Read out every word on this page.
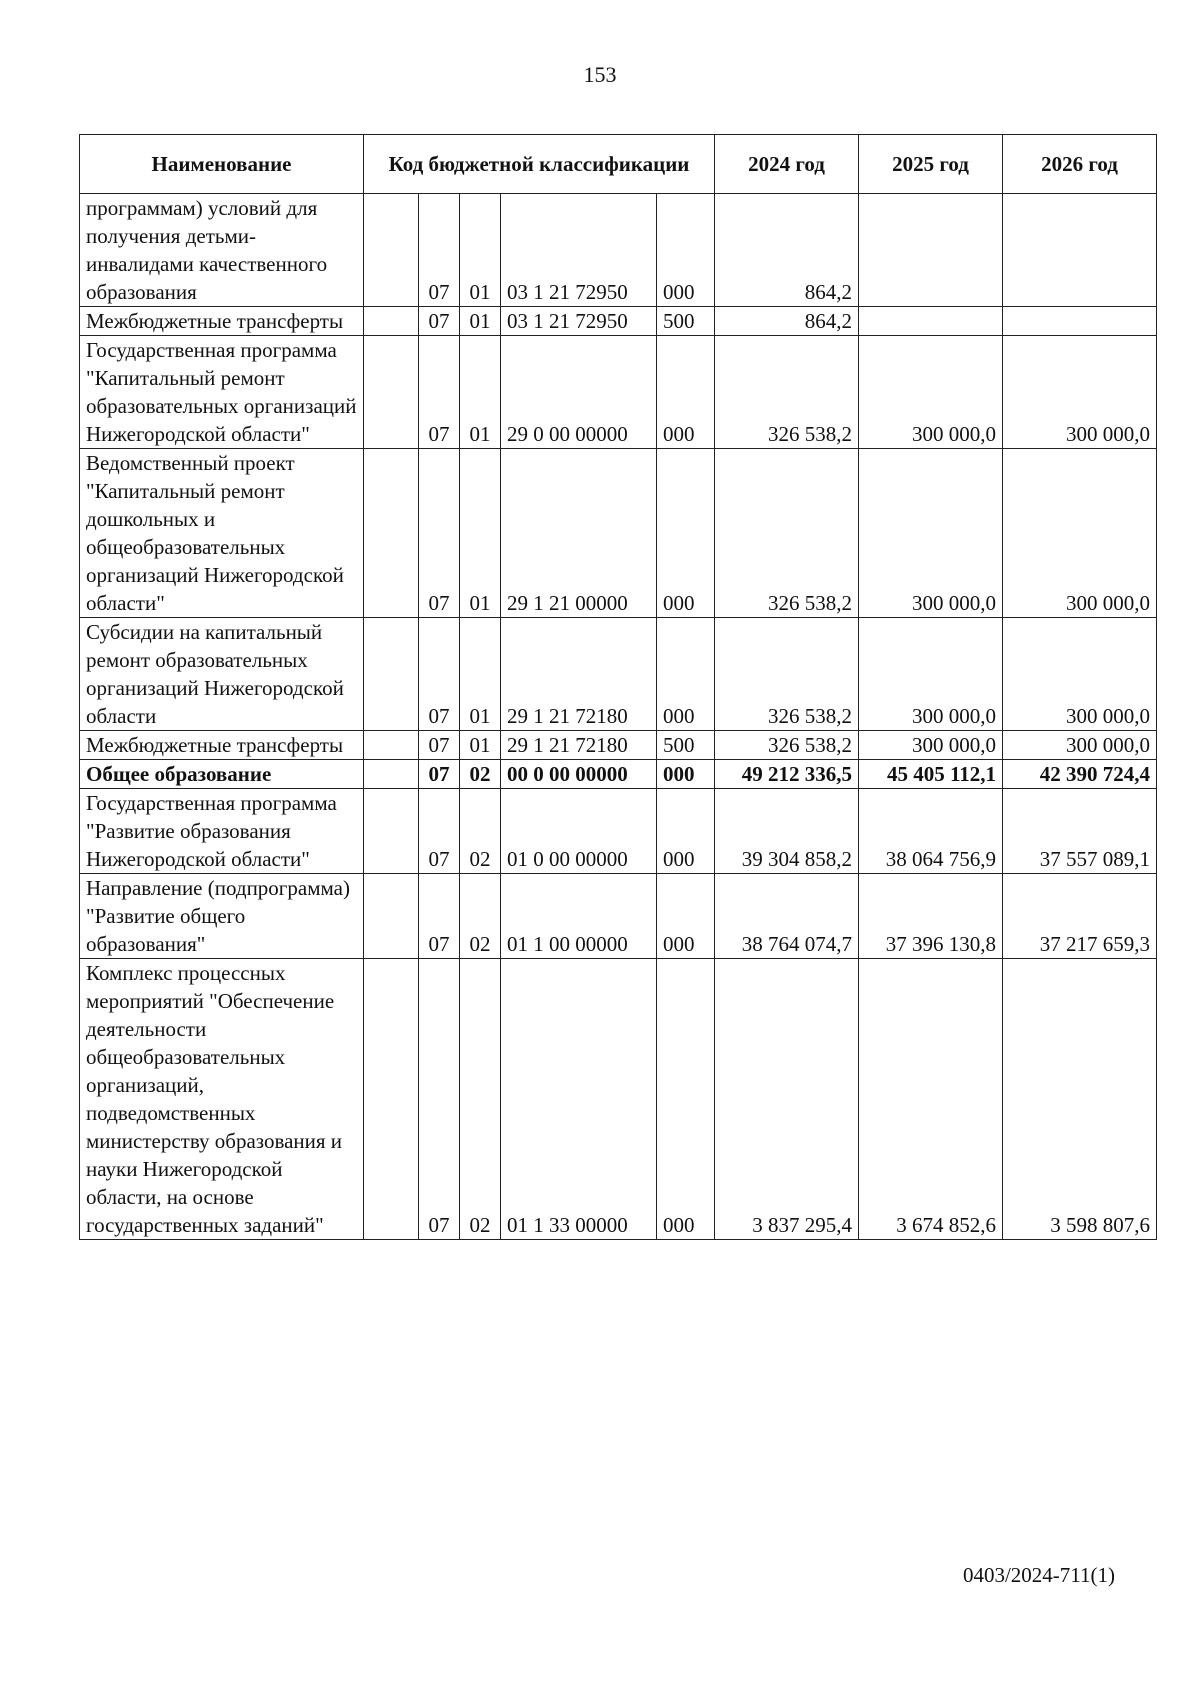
153
Наименование	Код бюджетной классификации					2024 год	2025 год	2026 год
программам) условий для получения детьми-инвалидами качественного образования		07	01	03 1 21 72950	000	864,2		
Межбюджетные трансферты		07	01	03 1 21 72950	500	864,2		
Государственная программа "Капитальный ремонт образовательных организаций Нижегородской области"		07	01	29 0 00 00000	000	326 538,2	300 000,0	300 000,0
Ведомственный проект "Капитальный ремонт дошкольных и общеобразовательных организаций Нижегородской области"		07	01	29 1 21 00000	000	326 538,2	300 000,0	300 000,0
Субсидии на капитальный ремонт образовательных организаций Нижегородской области		07	01	29 1 21 72180	000	326 538,2	300 000,0	300 000,0
Межбюджетные трансферты		07	01	29 1 21 72180	500	326 538,2	300 000,0	300 000,0
Общее образование		07	02	00 0 00 00000	000	49 212 336,5	45 405 112,1	42 390 724,4
Государственная программа "Развитие образования Нижегородской области"		07	02	01 0 00 00000	000	39 304 858,2	38 064 756,9	37 557 089,1
Направление (подпрограмма) "Развитие общего образования"		07	02	01 1 00 00000	000	38 764 074,7	37 396 130,8	37 217 659,3
Комплекс процессных мероприятий "Обеспечение деятельности общеобразовательных организаций, подведомственных министерству образования и науки Нижегородской области, на основе государственных заданий"		07	02	01 1 33 00000	000	3 837 295,4	3 674 852,6	3 598 807,6
0403/2024-711(1)
